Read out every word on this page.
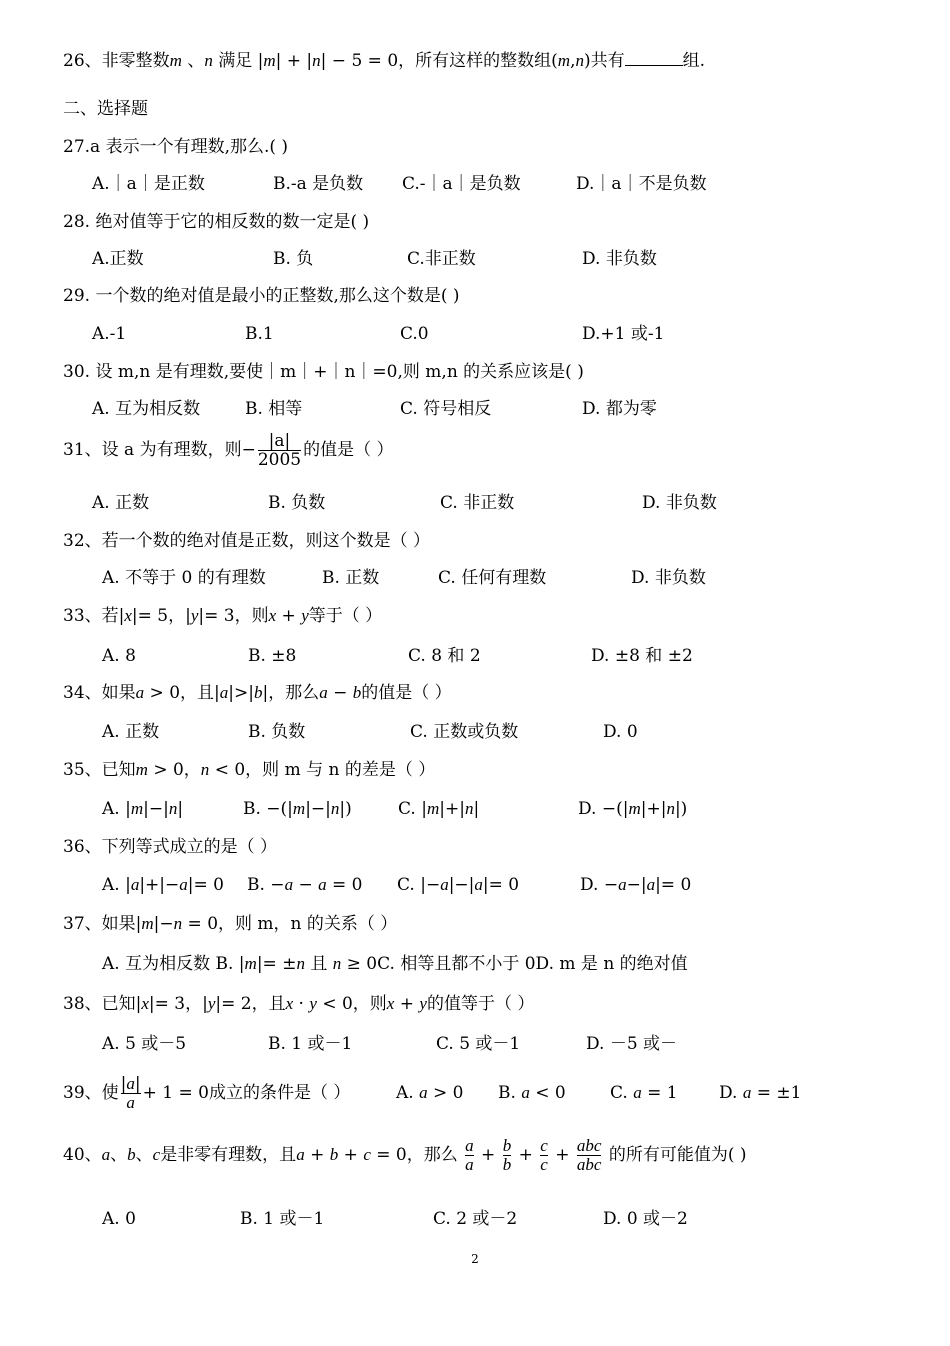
26、非零整数m 、n 满足 |m| + |n| − 5 = 0，所有这样的整数组(m,n)共有	组.
二、选择题
27.a 表示一个有理数,那么.( )
A.｜a｜是正数	B.-a 是负数 C.-｜a｜是负数	D.｜a｜不是负数
28. 绝对值等于它的相反数的数一定是( )
A.正数	B. 负	C.非正数	D. 非负数
29. 一个数的绝对值是最小的正整数,那么这个数是( )
A.-1	B.1	C.0	D.+1 或-1
30. 设 m,n 是有理数,要使｜m｜+｜n｜=0,则 m,n 的关系应该是( )
A. 互为相反数	B. 相等	C. 符号相反	D. 都为零
31、设 a 为有理数，则− $\frac{|a|}{2005}$ 的值是（ ）
A. 正数	B. 负数	C. 非正数	D. 非负数
32、若一个数的绝对值是正数，则这个数是（ ）
A. 不等于 0 的有理数	B. 正数	C. 任何有理数	D. 非负数
33、若|x|= 5，|y|= 3，则x + y等于（ ）
A. 8	B. ±8	C. 8 和 2	D. ±8 和 ±2
34、如果a > 0，且|a|>|b|，那么a − b的值是（ ）
A. 正数	B. 负数	C. 正数或负数	D. 0
35、已知m > 0，n < 0，则 m 与 n 的差是（ ）
A. |m|−|n|	B. −(|m|−|n|)	C. |m|+|n|	D. −(|m|+|n|)
36、下列等式成立的是（ ）
A. |a|+|−a|= 0 B. −a − a = 0 C. |−a|−|a|= 0	D. −a−|a|= 0
37、如果|m|−n = 0，则 m，n 的关系（ ）
A. 互为相反数 B. |m|= ±n 且 n ≥ 0C. 相等且都不小于 0D. m 是 n 的绝对值
38、已知|x|= 3，|y|= 2，且x · y < 0，则x + y的值等于（ ）
A. 5 或－5	B. 1 或－1	C. 5 或－1	D. －5 或－
39、使 $\frac{|a|}{a} + 1 = 0$成立的条件是（ ）	A. a > 0 B. a < 0	C. a = 1 D. a = ±1
40、a、b、c是非零有理数，且a + b + c = 0，那么 $\frac{a}{a} + \frac{b}{b} + \frac{c}{c} + \frac{\text{abc}}{\text{abc}}$ 的所有可能值为( )
A. 0	B. 1 或－1	C. 2 或－2	D. 0 或－2
2
